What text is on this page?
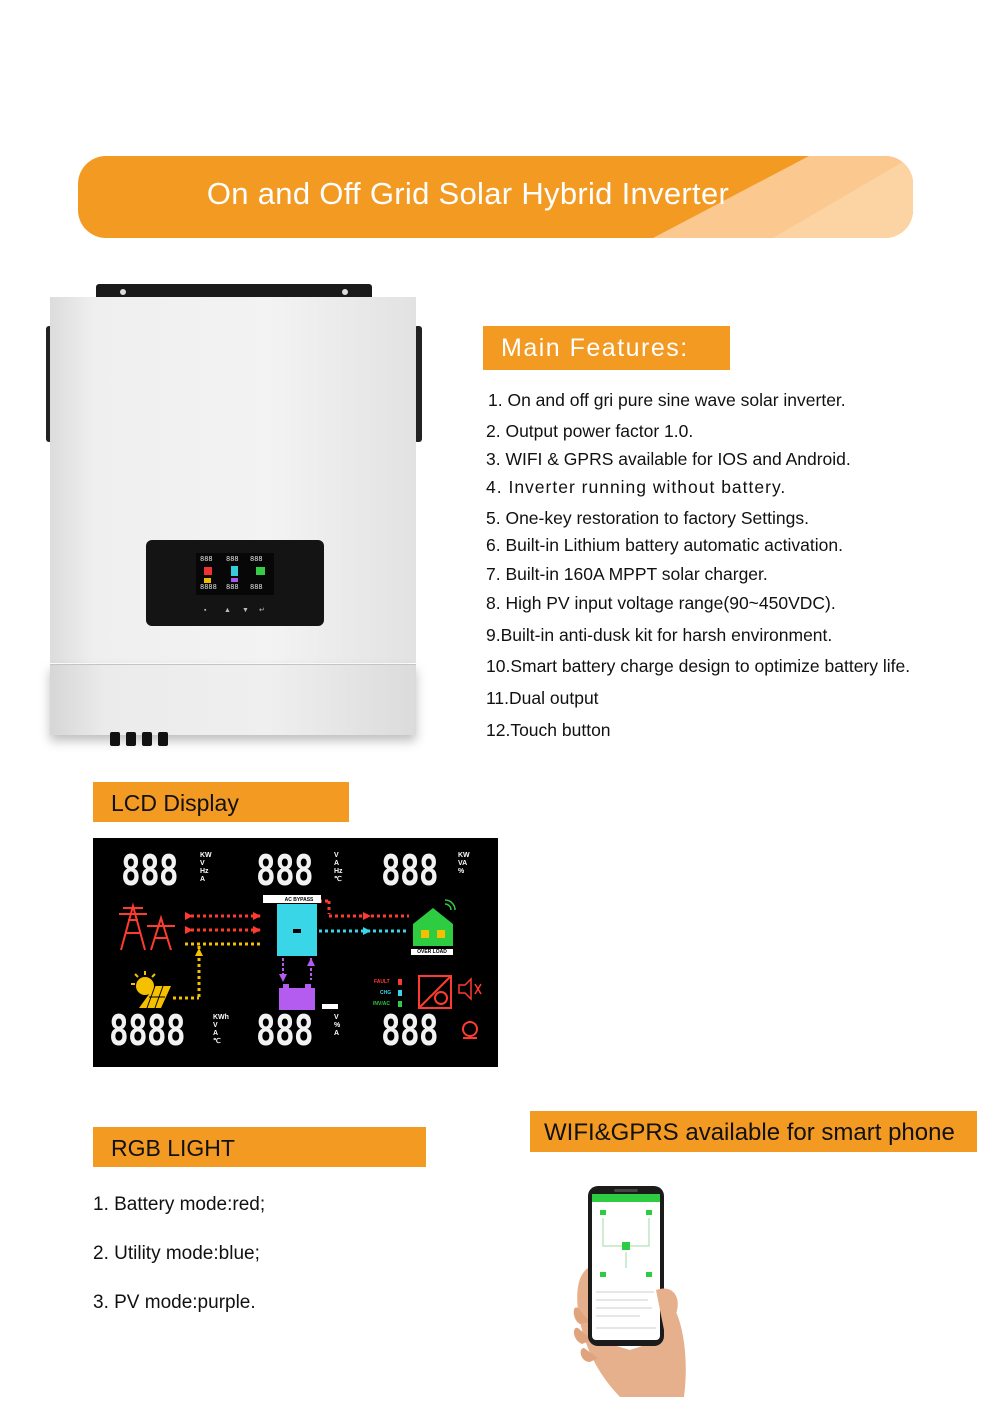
On and Off Grid Solar Hybrid Inverter
888 888 888
8888 888 888
▪	▲ ▼ ↵
Main Features:
1. On and off gri pure sine wave solar inverter.
2. Output power factor 1.0.
3. WIFI & GPRS available for IOS and Android.
4. Inverter running without battery.
5. One-key restoration to factory Settings.
6. Built-in Lithium battery automatic activation.
7. Built-in 160A MPPT solar charger.
8. High PV input voltage range(90~450VDC).
9.Built-in anti-dusk kit for harsh environment.
10.Smart battery charge design to optimize battery life.
11.Dual output
12.Touch button
LCD Display
888	KW
V
Hz
A 888	V
A
Hz
℃ 888	KW
VA
%
AC BYPASS
OVER LOAD
FAULT
CHG
INV/AC
8888	KWh
V
A
℃ 888	V
%
A 888
RGB LIGHT
1. Battery mode:red;
2. Utility mode:blue;
3. PV mode:purple.
WIFI&GPRS available for smart phone
